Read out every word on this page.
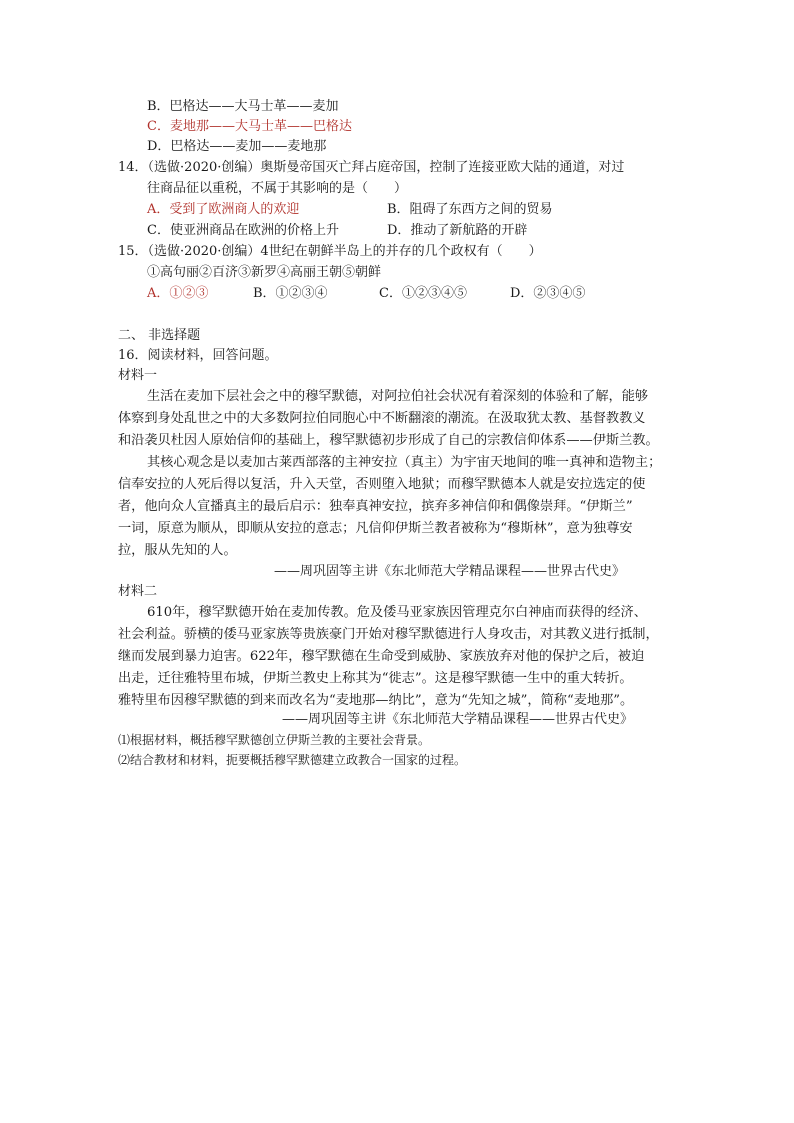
B．巴格达——大马士革——麦加
C．麦地那——大马士革——巴格达
D．巴格达——麦加——麦地那
14．（选做·2020·创编）奥斯曼帝国灭亡拜占庭帝国，控制了连接亚欧大陆的通道，对过
往商品征以重税，不属于其影响的是（　　）
A．受到了欧洲商人的欢迎	B．阻碍了东西方之间的贸易
C．使亚洲商品在欧洲的价格上升	D．推动了新航路的开辟
15．（选做·2020·创编）4世纪在朝鲜半岛上的并存的几个政权有（　　）
①高句丽②百济③新罗④高丽王朝⑤朝鲜
A．①②③	B．①②③④	C．①②③④⑤	D．②③④⑤
二、 非选择题
16．阅读材料，回答问题。
材料一
生活在麦加下层社会之中的穆罕默德，对阿拉伯社会状况有着深刻的体验和了解，能够
体察到身处乱世之中的大多数阿拉伯同胞心中不断翻滚的潮流。在汲取犹太教、基督教教义
和沿袭贝杜因人原始信仰的基础上，穆罕默德初步形成了自己的宗教信仰体系——伊斯兰教。
其核心观念是以麦加古莱西部落的主神安拉（真主）为宇宙天地间的唯一真神和造物主；
信奉安拉的人死后得以复活，升入天堂，否则堕入地狱；而穆罕默德本人就是安拉选定的使
者，他向众人宣播真主的最后启示：独奉真神安拉，摈弃多神信仰和偶像崇拜。“伊斯兰”
一词，原意为顺从，即顺从安拉的意志；凡信仰伊斯兰教者被称为“穆斯林”，意为独尊安
拉，服从先知的人。
——周巩固等主讲《东北师范大学精品课程——世界古代史》
材料二
610年，穆罕默德开始在麦加传教。危及倭马亚家族因管理克尔白神庙而获得的经济、
社会利益。骄横的倭马亚家族等贵族豪门开始对穆罕默德进行人身攻击，对其教义进行抵制，
继而发展到暴力迫害。622年，穆罕默德在生命受到威胁、家族放弃对他的保护之后，被迫
出走，迁往雅特里布城，伊斯兰教史上称其为“徙志”。这是穆罕默德一生中的重大转折。
雅特里布因穆罕默德的到来而改名为“麦地那—纳比”，意为“先知之城”，简称“麦地那”。
——周巩固等主讲《东北师范大学精品课程——世界古代史》
⑴根据材料，概括穆罕默德创立伊斯兰教的主要社会背景。
⑵结合教材和材料，扼要概括穆罕默德建立政教合一国家的过程。
